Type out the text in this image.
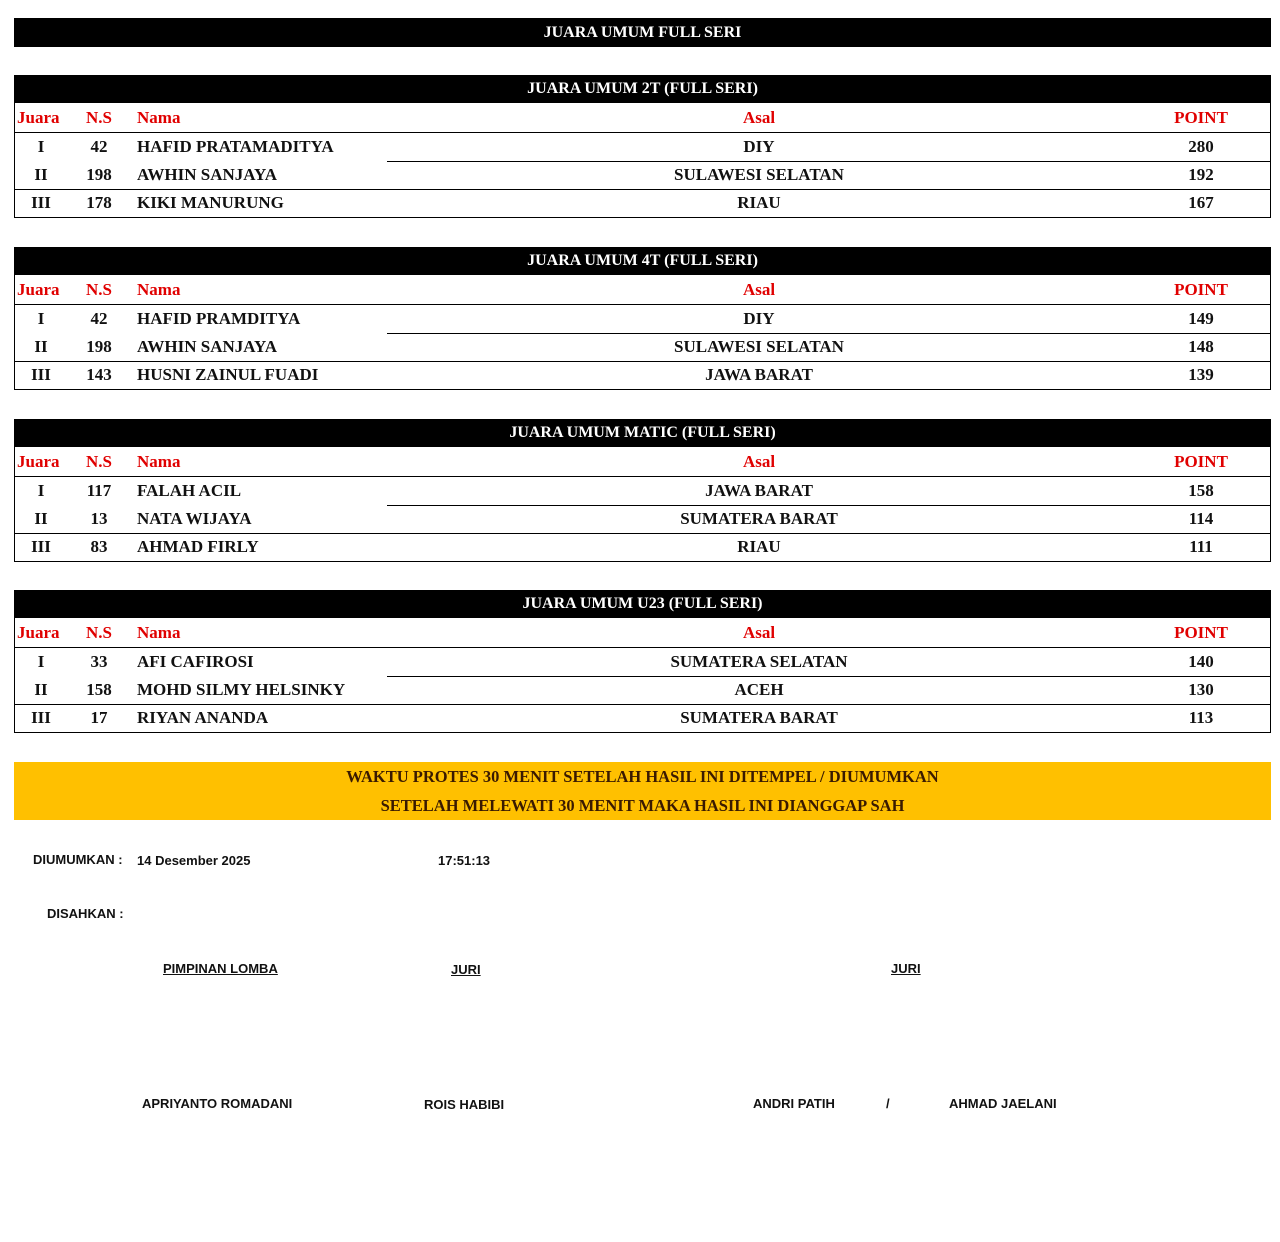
JUARA UMUM FULL SERI
JUARA UMUM 2T (FULL SERI)
Juara	N.S	Nama	Asal	POINT
I	42	HAFID PRATAMADITYA	DIY	280
II	198	AWHIN SANJAYA	SULAWESI SELATAN	192
III	178	KIKI MANURUNG	RIAU	167
JUARA UMUM 4T (FULL SERI)
Juara	N.S	Nama	Asal	POINT
I	42	HAFID PRAMDITYA	DIY	149
II	198	AWHIN SANJAYA	SULAWESI SELATAN	148
III	143	HUSNI ZAINUL FUADI	JAWA BARAT	139
JUARA UMUM MATIC (FULL SERI)
Juara	N.S	Nama	Asal	POINT
I	117	FALAH ACIL	JAWA BARAT	158
II	13	NATA WIJAYA	SUMATERA BARAT	114
III	83	AHMAD FIRLY	RIAU	111
JUARA UMUM U23 (FULL SERI)
Juara	N.S	Nama	Asal	POINT
I	33	AFI CAFIROSI	SUMATERA SELATAN	140
II	158	MOHD SILMY HELSINKY	ACEH	130
III	17	RIYAN ANANDA	SUMATERA BARAT	113
WAKTU PROTES 30 MENIT SETELAH HASIL INI DITEMPEL / DIUMUMKAN
SETELAH MELEWATI 30 MENIT MAKA HASIL INI DIANGGAP SAH
DIUMUMKAN : 14 Desember 2025	17:51:13
DISAHKAN :
PIMPINAN LOMBA	JURI	JURI
APRIYANTO ROMADANI	ROIS HABIBI	ANDRI PATIH	/	AHMAD JAELANI
